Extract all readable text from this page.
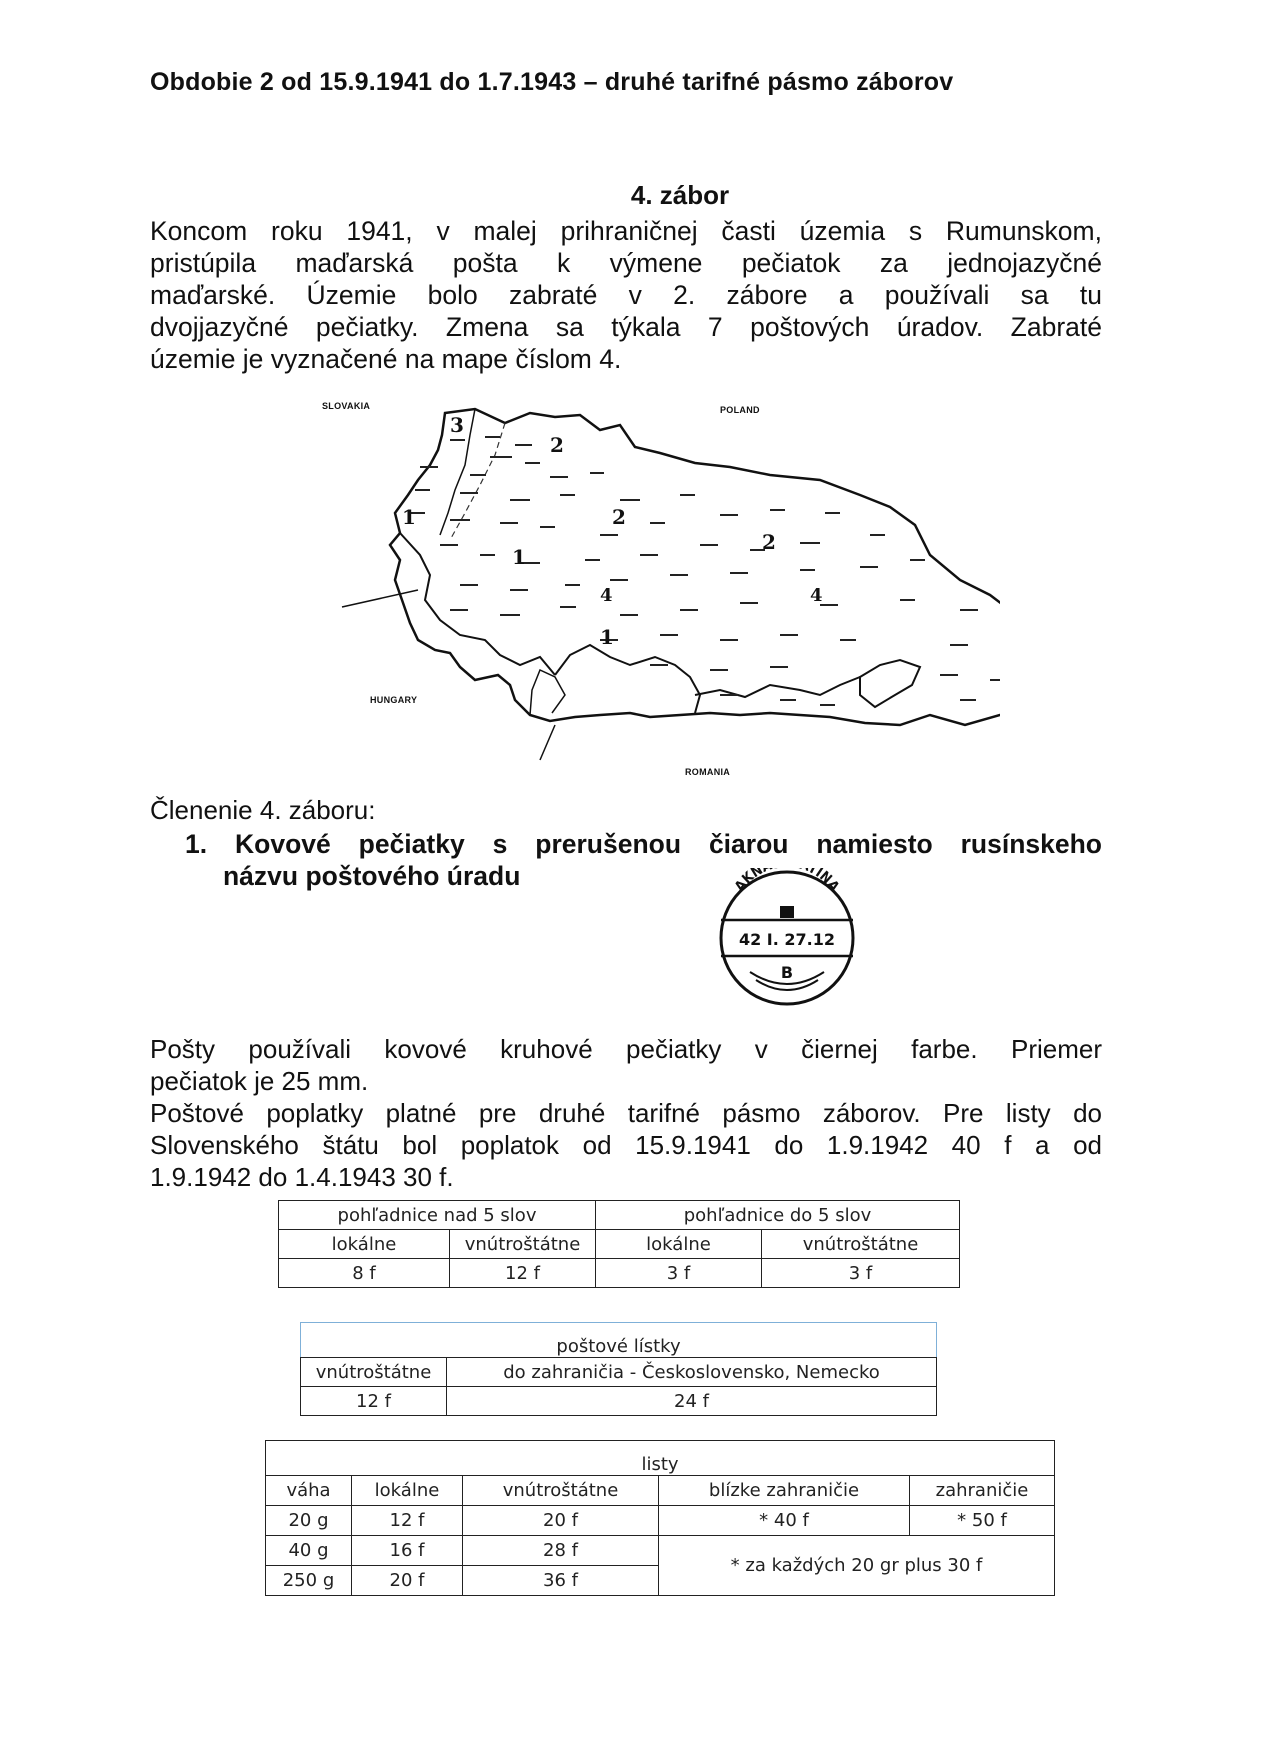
Obdobie 2 od 15.9.1941 do 1.7.1943 – druhé tarifné pásmo záborov
4. zábor
Koncom roku 1941, v malej prihraničnej časti územia s Rumunskom,
pristúpila maďarská pošta k výmene pečiatok za jednojazyčné
maďarské. Územie bolo zabraté v 2. zábore a používali sa tu
dvojjazyčné pečiatky. Zmena sa týkala 7 poštových úradov. Zabraté
územie je vyznačené na mape číslom 4.
SLOVAKIA	POLAND
HUNGARY
ROMANIA
3
2
1	2
2
1
1
4	4
Členenie 4. záboru:
1. Kovové pečiatky s prerušenou čiarou namiesto rusínskeho
názvu poštového úradu	AKN TINA
42 I. 27.12
B
Pošty používali kovové kruhové pečiatky v čiernej farbe. Priemer
pečiatok je 25 mm.
Poštové poplatky platné pre druhé tarifné pásmo záborov. Pre listy do
Slovenského štátu bol poplatok od 15.9.1941 do 1.9.1942 40 f a od
1.9.1942 do 1.4.1943 30 f.
pohľadnice nad 5 slov		pohľadnice do 5 slov	
lokálne	vnútroštátne	lokálne	vnútroštátne
8 f	12 f	3 f	3 f
poštové lístky	
vnútroštátne	do zahraničia - Československo, Nemecko
12 f	24 f
listy				
váha	lokálne	vnútroštátne	blízke zahraničie	zahraničie
20 g	12 f	20 f	* 40 f	* 50 f
40 g	16 f	28 f	* za každých 20 gr plus 30 f	
250 g	20 f	36 f		
